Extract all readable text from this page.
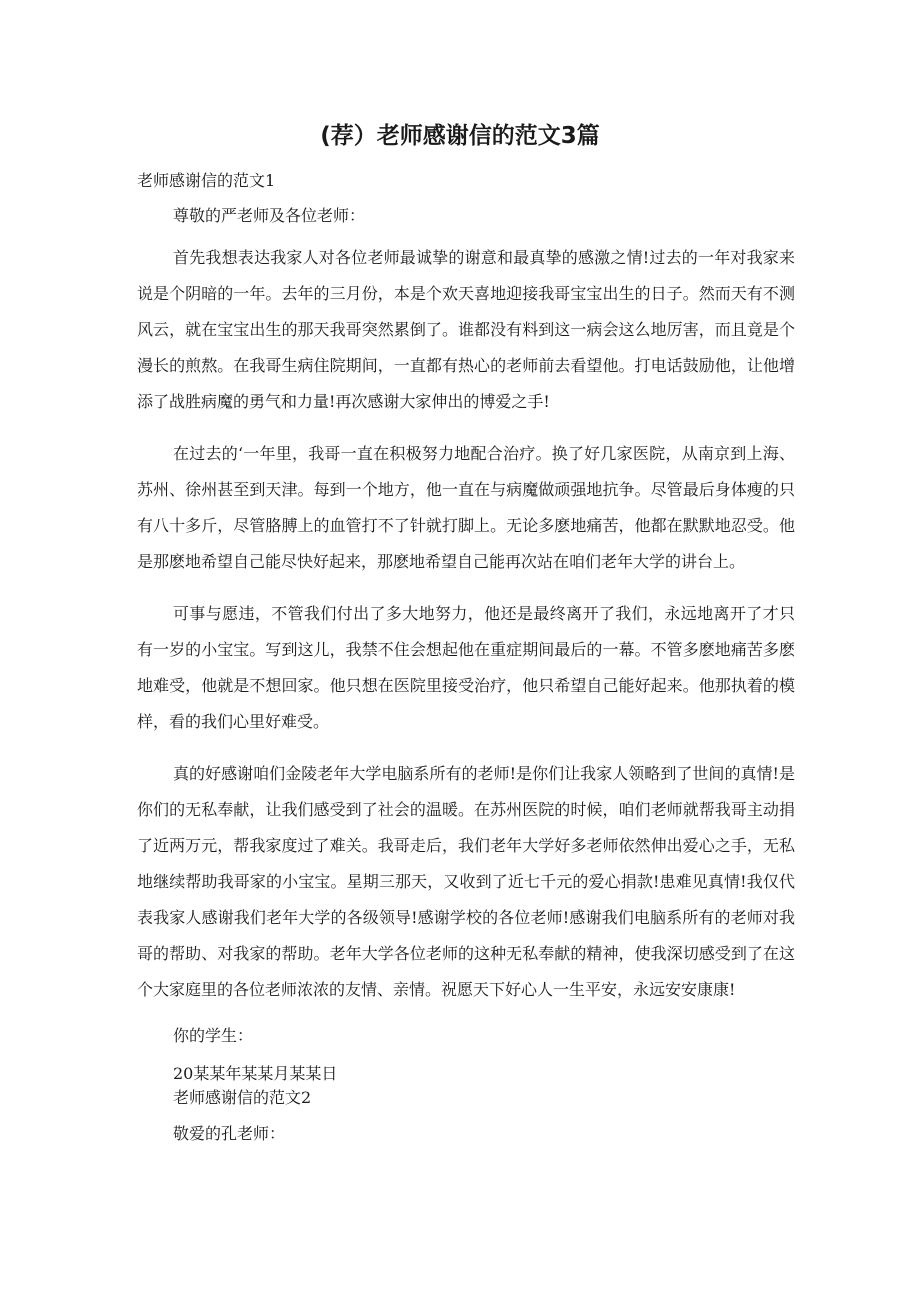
(荐）老师感谢信的范文3篇
老师感谢信的范文1
尊敬的严老师及各位老师：

首先我想表达我家人对各位老师最诚挚的谢意和最真挚的感激之情!过去的一年对我家来说是个阴暗的一年。去年的三月份，本是个欢天喜地迎接我哥宝宝出生的日子。然而天有不测风云，就在宝宝出生的那天我哥突然累倒了。谁都没有料到这一病会这么地厉害，而且竟是个漫长的煎熬。在我哥生病住院期间，一直都有热心的老师前去看望他。打电话鼓励他，让他增添了战胜病魔的勇气和力量!再次感谢大家伸出的博爱之手!

在过去的‘一年里，我哥一直在积极努力地配合治疗。换了好几家医院，从南京到上海、苏州、徐州甚至到天津。每到一个地方，他一直在与病魔做顽强地抗争。尽管最后身体瘦的只有八十多斤，尽管胳膊上的血管打不了针就打脚上。无论多麽地痛苦，他都在默默地忍受。他是那麽地希望自己能尽快好起来，那麽地希望自己能再次站在咱们老年大学的讲台上。

可事与愿违，不管我们付出了多大地努力，他还是最终离开了我们，永远地离开了才只有一岁的小宝宝。写到这儿，我禁不住会想起他在重症期间最后的一幕。不管多麽地痛苦多麽地难受，他就是不想回家。他只想在医院里接受治疗，他只希望自己能好起来。他那执着的模样，看的我们心里好难受。

真的好感谢咱们金陵老年大学电脑系所有的老师!是你们让我家人领略到了世间的真情!是你们的无私奉献，让我们感受到了社会的温暖。在苏州医院的时候，咱们老师就帮我哥主动捐了近两万元，帮我家度过了难关。我哥走后，我们老年大学好多老师依然伸出爱心之手，无私地继续帮助我哥家的小宝宝。星期三那天，又收到了近七千元的爱心捐款!患难见真情!我仅代表我家人感谢我们老年大学的各级领导!感谢学校的各位老师!感谢我们电脑系所有的老师对我哥的帮助、对我家的帮助。老年大学各位老师的这种无私奉献的精神，使我深切感受到了在这个大家庭里的各位老师浓浓的友情、亲情。祝愿天下好心人一生平安，永远安安康康!

你的学生：
20某某年某某月某某日
老师感谢信的范文2
敬爱的孔老师：
